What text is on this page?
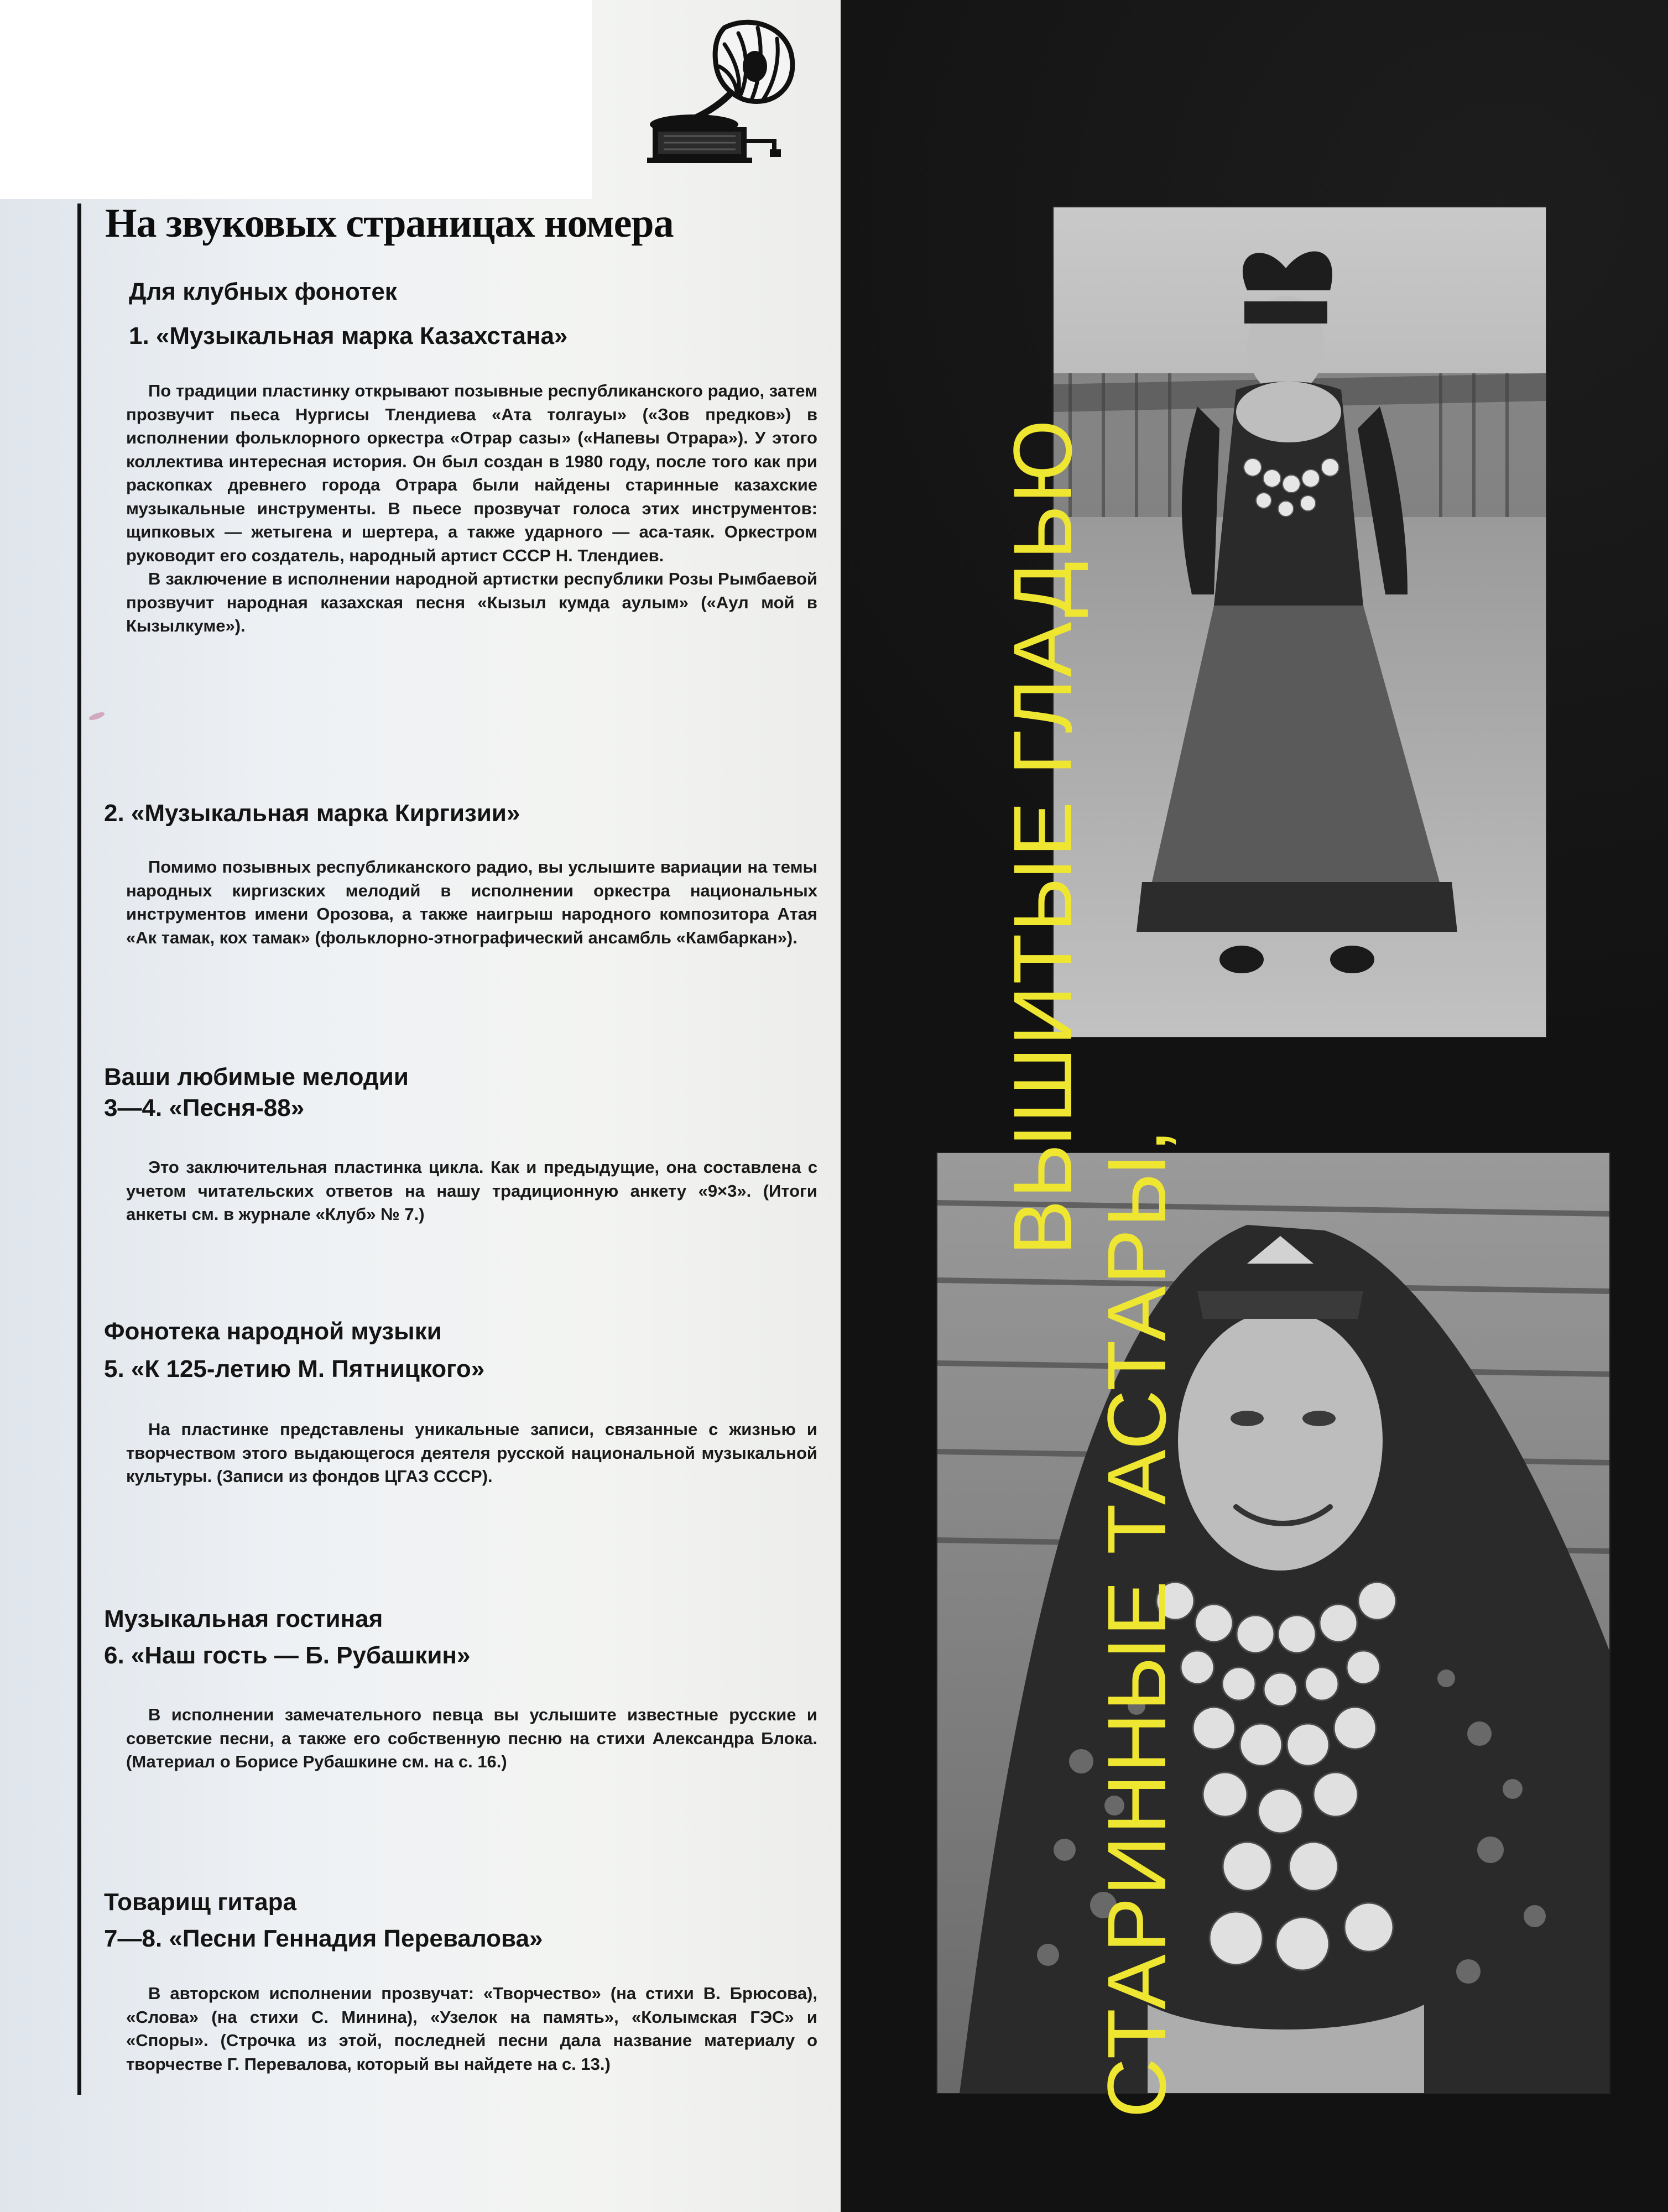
На звуковых страницах номера
Для клубных фонотек
1. «Музыкальная марка Казахстана»

По традиции пластинку открывают позывные республиканского радио, затем прозвучит пьеса Нургисы Тлендиева «Ата толгауы» («Зов предков») в исполнении фольклорного оркестра «Отрар сазы» («Напевы Отрара»). У этого коллектива интересная история. Он был создан в 1980 году, после того как при раскопках древнего города Отрара были найдены старинные казахские музыкальные инструменты. В пьесе прозвучат голоса этих инструментов: щипковых — жетыгена и шертера, а также ударного — аса-таяк. Оркестром руководит его создатель, народный артист СССР Н. Тлендиев.

В заключение в исполнении народной артистки республики Розы Рымбаевой прозвучит народная казахская песня «Кызыл кумда аулым» («Аул мой в Кызылкуме»).

2. «Музыкальная марка Киргизии»

Помимо позывных республиканского радио, вы услышите вариации на темы народных киргизских мелодий в исполнении оркестра национальных инструментов имени Орозова, а также наигрыш народного композитора Атая «Ак тамак, кох тамак» (фольклорно-этнографический ансамбль «Камбаркан»).

Ваши любимые мелодии
3—4. «Песня-88»

Это заключительная пластинка цикла. Как и предыдущие, она составлена с учетом читательских ответов на нашу традиционную анкету «9×3». (Итоги анкеты см. в журнале «Клуб» № 7.)

Фонотека народной музыки
5. «К 125-летию М. Пятницкого»

На пластинке представлены уникальные записи, связанные с жизнью и творчеством этого выдающегося деятеля русской национальной музыкальной культуры. (Записи из фондов ЦГАЗ СССР).

Музыкальная гостиная
6. «Наш гость — Б. Рубашкин»

В исполнении замечательного певца вы услышите известные русские и советские песни, а также его собственную песню на стихи Александра Блока. (Материал о Борисе Рубашкине см. на с. 16.)

Товарищ гитара
7—8. «Песни Геннадия Перевалова»

В авторском исполнении прозвучат: «Творчество» (на стихи В. Брюсова), «Слова» (на стихи С. Минина), «Узелок на память», «Колымская ГЭС» и «Споры». (Строчка из этой, последней песни дала название материалу о творчестве Г. Перевалова, который вы найдете на с. 13.)

ВЫШИТЫЕ ГЛАДЬЮ
СТАРИННЫЕ ТАСТАРЫ,
